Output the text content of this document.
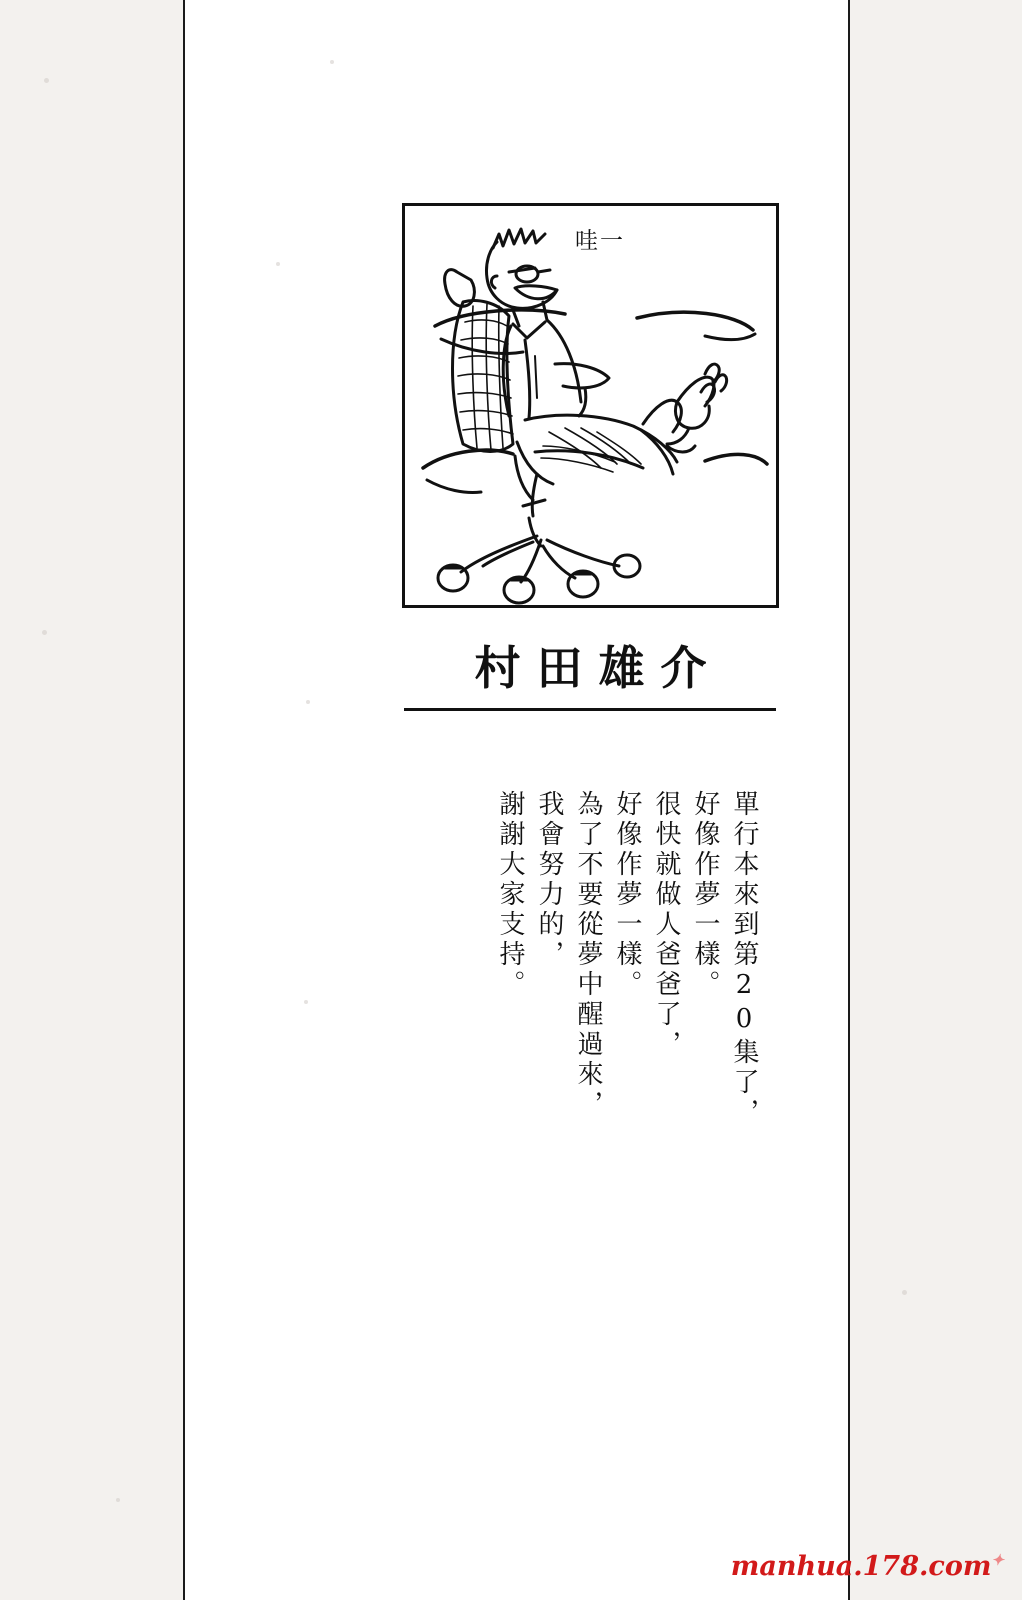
哇一
村田雄介
謝謝大家支持。 我會努力的， 為了不要從夢中醒過來， 好像作夢一樣。 很快就做人爸爸了， 好像作夢一樣。 單行本來到第20集了，
manhua.178.com✦
